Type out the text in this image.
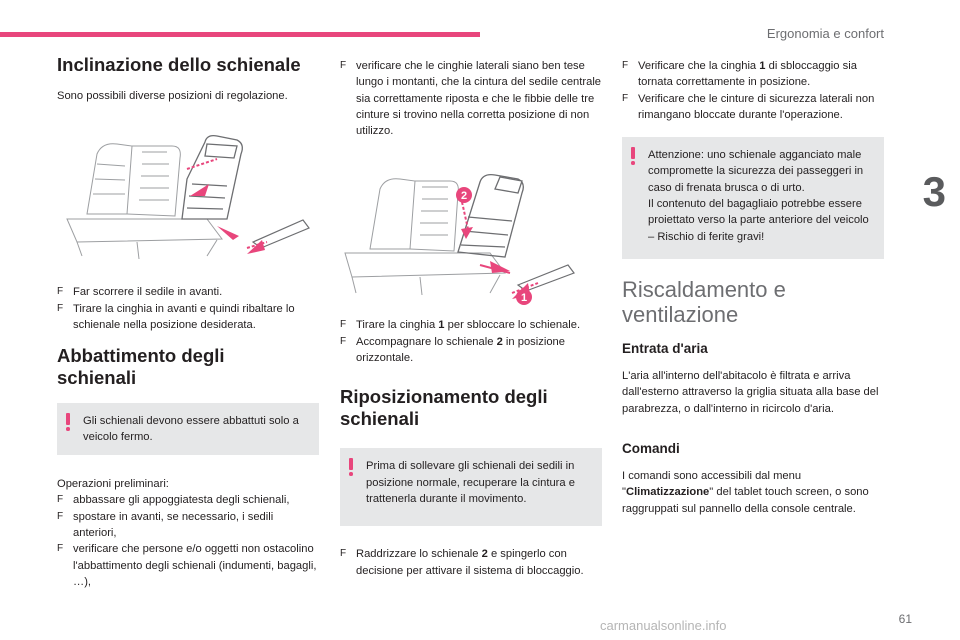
Ergonomia e confort
3
61
Inclinazione dello schienale

Sono possibili diverse posizioni di regolazione.

F Far scorrere il sedile in avanti.
F Tirare la cinghia in avanti e quindi ribaltare lo schienale nella posizione desiderata.
Abbattimento degli schienali
Gli schienali devono essere abbattuti solo a veicolo fermo.

Operazioni preliminari:

F abbassare gli appoggiatesta degli schienali,
F spostare in avanti, se necessario, i sedili anteriori,
F verificare che persone e/o oggetti non ostacolino l'abbattimento degli schienali (indumenti, bagagli, …),
F verificare che le cinghie laterali siano ben tese lungo i montanti, che la cintura del sedile centrale sia correttamente riposta e che le fibbie delle tre cinture si trovino nella corretta posizione di non utilizzo.
2
1
F Tirare la cinghia 1 per sbloccare lo schienale.
F Accompagnare lo schienale 2 in posizione orizzontale.
Riposizionamento degli schienali
Prima di sollevare gli schienali dei sedili in posizione normale, recuperare la cintura e trattenerla durante il movimento.
F Raddrizzare lo schienale 2 e spingerlo con decisione per attivare il sistema di bloccaggio.
F Verificare che la cinghia 1 di sbloccaggio sia tornata correttamente in posizione.
F Verificare che le cinture di sicurezza laterali non rimangano bloccate durante l'operazione.
Attenzione: uno schienale agganciato male compromette la sicurezza dei passeggeri in caso di frenata brusca o di urto.
Il contenuto del bagagliaio potrebbe essere proiettato verso la parte anteriore del veicolo – Rischio di ferite gravi!
Riscaldamento e ventilazione
Entrata d'aria

L'aria all'interno dell'abitacolo è filtrata e arriva dall'esterno attraverso la griglia situata alla base del parabrezza, o dall'interno in ricircolo d'aria.

Comandi

I comandi sono accessibili dal menu "Climatizzazione" del tablet touch screen, o sono raggruppati sul pannello della console centrale.

carmanualsonline.info
